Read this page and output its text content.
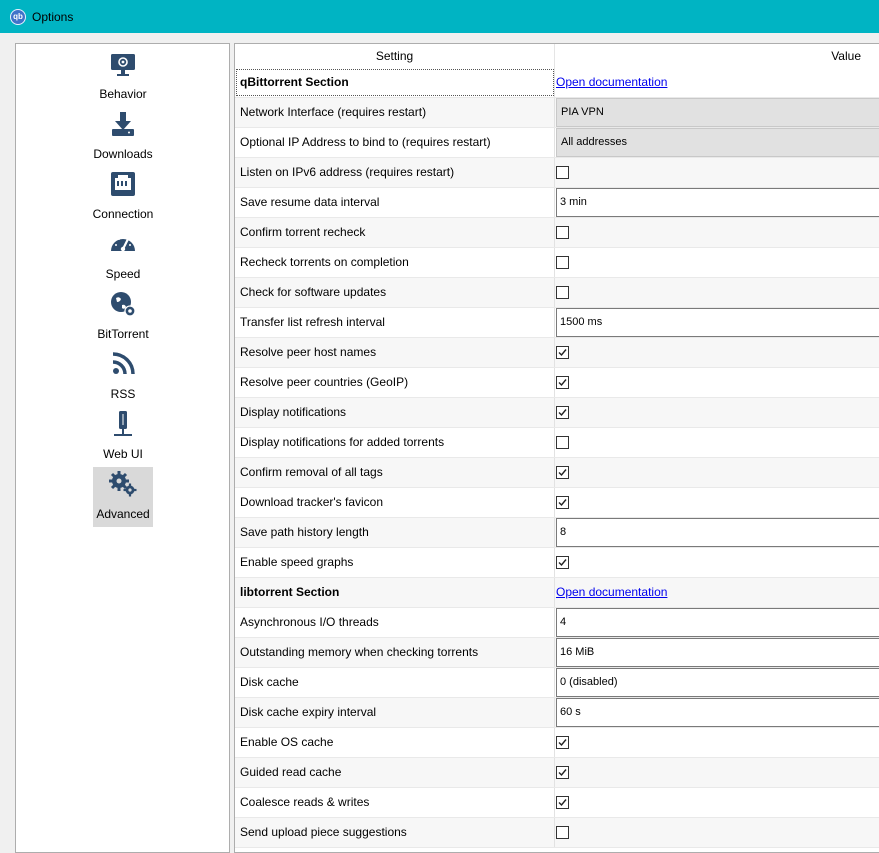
qb Options
Behavior
Downloads
Connection
Speed
BitTorrent
RSS
Web UI
Advanced
Setting	Value
qBittorrent Section	Open documentation
Network Interface (requires restart)	PIA VPN
Optional IP Address to bind to (requires restart)	All addresses
Listen on IPv6 address (requires restart)
Save resume data interval	3 min
Confirm torrent recheck
Recheck torrents on completion
Check for software updates
Transfer list refresh interval	1500 ms
Resolve peer host names
Resolve peer countries (GeoIP)
Display notifications
Display notifications for added torrents
Confirm removal of all tags
Download tracker's favicon
Save path history length	8
Enable speed graphs
libtorrent Section	Open documentation
Asynchronous I/O threads	4
Outstanding memory when checking torrents	16 MiB
Disk cache	0 (disabled)
Disk cache expiry interval	60 s
Enable OS cache
Guided read cache
Coalesce reads & writes
Send upload piece suggestions
